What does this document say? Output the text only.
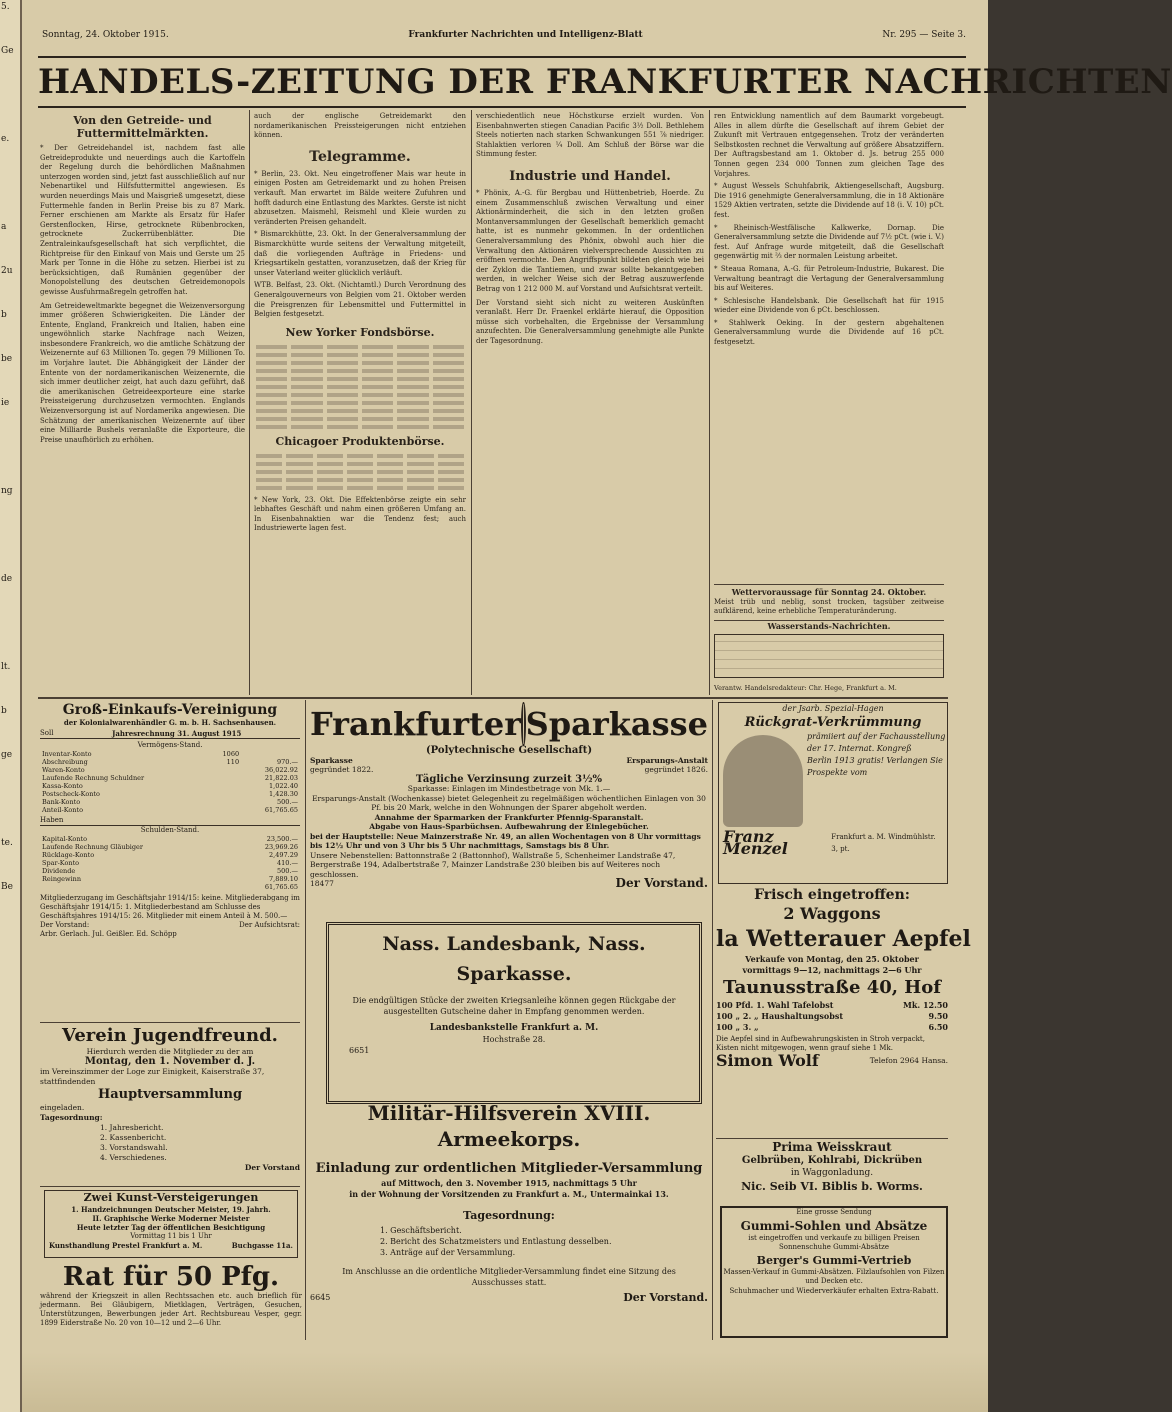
Sonntag, 24. Oktober 1915.	Frankfurter Nachrichten und Intelligenz-Blatt	Nr. 295 — Seite 3.
HANDELS-ZEITUNG DER FRANKFURTER NACHRICHTEN
Von den Getreide- und Futtermittelmärkten.

* Der Getreidehandel ist, nachdem fast alle Getreideprodukte und neuerdings auch die Kartoffeln der Regelung durch die behördlichen Maßnahmen unterzogen worden sind, jetzt fast ausschließlich auf nur Nebenartikel und Hilfsfuttermittel angewiesen. Es wurden neuerdings Mais und Maisgrieß umgesetzt, diese Futtermehle fanden in Berlin Preise bis zu 87 Mark. Ferner erschienen am Markte als Ersatz für Hafer Gerstenflocken, Hirse, getrocknete Rübenbrocken, getrocknete Zuckerrübenblätter. Die Zentraleinkaufsgesellschaft hat sich verpflichtet, die Richtpreise für den Einkauf von Mais und Gerste um 25 Mark per Tonne in die Höhe zu setzen. Hierbei ist zu berücksichtigen, daß Rumänien gegenüber der Monopolstellung des deutschen Getreidemonopols gewisse Ausfuhrmaßregeln getroffen hat.

Am Getreideweltmarkte begegnet die Weizenversorgung immer größeren Schwierigkeiten. Die Länder der Entente, England, Frankreich und Italien, haben eine ungewöhnlich starke Nachfrage nach Weizen, insbesondere Frankreich, wo die amtliche Schätzung der Weizenernte auf 63 Millionen To. gegen 79 Millionen To. im Vorjahre lautet. Die Abhängigkeit der Länder der Entente von der nordamerikanischen Weizenernte, die sich immer deutlicher zeigt, hat auch dazu geführt, daß die amerikanischen Getreideexporteure eine starke Preissteigerung durchzusetzen vermochten. Englands Weizenversorgung ist auf Nordamerika angewiesen. Die Schätzung der amerikanischen Weizenernte auf über eine Milliarde Bushels veranlaßte die Exporteure, die Preise unaufhörlich zu erhöhen.

auch der englische Getreidemarkt den nordamerikanischen Preissteigerungen nicht entziehen können.

Telegramme.

* Berlin, 23. Okt. Neu eingetroffener Mais war heute in einigen Posten am Getreidemarkt und zu hohen Preisen verkauft. Man erwartet im Bälde weitere Zufuhren und hofft dadurch eine Entlastung des Marktes. Gerste ist nicht abzusetzen. Maismehl, Reismehl und Kleie wurden zu veränderten Preisen gehandelt.

* Bismarckhütte, 23. Okt. In der Generalversammlung der Bismarckhütte wurde seitens der Verwaltung mitgeteilt, daß die vorliegenden Aufträge in Friedens- und Kriegsartikeln gestatten, voranzusetzen, daß der Krieg für unser Vaterland weiter glücklich verläuft.

WTB. Belfast, 23. Okt. (Nichtamtl.) Durch Verordnung des Generalgouverneurs von Belgien vom 21. Oktober werden die Preisgrenzen für Lebensmittel und Futtermittel in Belgien festgesetzt.

New Yorker Fondsbörse.

Chicagoer Produktenbörse.

* New York, 23. Okt. Die Effektenbörse zeigte ein sehr lebhaftes Geschäft und nahm einen größeren Umfang an. In Eisenbahnaktien war die Tendenz fest; auch Industriewerte lagen fest.

verschiedentlich neue Höchstkurse erzielt wurden. Von Eisenbahnwerten stiegen Canadian Pacific 3½ Doll. Bethlehem Steels notierten nach starken Schwankungen 551 ⅞ niedriger. Stahlaktien verloren ¼ Doll. Am Schluß der Börse war die Stimmung fester.

Industrie und Handel.

* Phönix, A.-G. für Bergbau und Hüttenbetrieb, Hoerde. Zu einem Zusammenschluß zwischen Verwaltung und einer Aktionärminderheit, die sich in den letzten großen Montanversammlungen der Gesellschaft bemerklich gemacht hatte, ist es nunmehr gekommen. In der ordentlichen Generalversammlung des Phönix, obwohl auch hier die Verwaltung den Aktionären vielversprechende Aussichten zu eröffnen vermochte. Den Angriffspunkt bildeten gleich wie bei der Zyklon die Tantiemen, und zwar sollte bekanntgegeben werden, in welcher Weise sich der Betrag auszuwerfende Betrag von 1 212 000 M. auf Vorstand und Aufsichtsrat verteilt.

Der Vorstand sieht sich nicht zu weiteren Auskünften veranlaßt. Herr Dr. Fraenkel erklärte hierauf, die Opposition müsse sich vorbehalten, die Ergebnisse der Versammlung anzufechten. Die Generalversammlung genehmigte alle Punkte der Tagesordnung.

ren Entwicklung namentlich auf dem Baumarkt vorgebeugt. Alles in allem dürfte die Gesellschaft auf ihrem Gebiet der Zukunft mit Vertrauen entgegensehen. Trotz der veränderten Selbstkosten rechnet die Verwaltung auf größere Absatzziffern. Der Auftragsbestand am 1. Oktober d. Js. betrug 255 000 Tonnen gegen 234 000 Tonnen zum gleichen Tage des Vorjahres.

* August Wessels Schuhfabrik, Aktiengesellschaft, Augsburg. Die 1916 genehmigte Generalversammlung, die in 18 Aktionäre 1529 Aktien vertraten, setzte die Dividende auf 18 (i. V. 10) pCt. fest.

* Rheinisch-Westfälische Kalkwerke, Dornap. Die Generalversammlung setzte die Dividende auf 7½ pCt. (wie i. V.) fest. Auf Anfrage wurde mitgeteilt, daß die Gesellschaft gegenwärtig mit ⅔ der normalen Leistung arbeitet.

* Steaua Romana, A.-G. für Petroleum-Industrie, Bukarest. Die Verwaltung beantragt die Vertagung der Generalversammlung bis auf Weiteres.

* Schlesische Handelsbank. Die Gesellschaft hat für 1915 wieder eine Dividende von 6 pCt. beschlossen.

* Stahlwerk Oeking. In der gestern abgehaltenen Generalversammlung wurde die Dividende auf 16 pCt. festgesetzt.

Wettervoraussage für Sonntag 24. Oktober.

Meist trüb und neblig, sonst trocken, tagsüber zeitweise aufklärend, keine erhebliche Temperaturänderung.

Wasserstands-Nachrichten.
Verantw. Handelsredakteur: Chr. Hege, Frankfurt a. M.
Groß-Einkaufs-Vereinigung
der Kolonialwarenhändler G. m. b. H. Sachsenhausen.
Soll	Jahresrechnung 31. August 1915
Vermögens-Stand.
Inventar-Konto	1060	
Abschreibung	110	970.—
Waren-Konto		36,022.92
Laufende Rechnung Schuldner		21,822.03
Kassa-Konto		1,022.40
Postscheck-Konto		1,428.30
Bank-Konto		500.—
Anteil-Konto		61,765.65
Haben
Schulden-Stand.
Kapital-Konto	23,500.—
Laufende Rechnung Gläubiger	23,969.26
Rücklage-Konto	2,497.29
Spar-Konto	410.—
Dividende	500.—
Reingewinn	7,889.10
	61,765.65

Mitgliederzugang im Geschäftsjahr 1914/15: keine. Mitgliederabgang im Geschäftsjahr 1914/15: 1. Mitgliederbestand am Schlusse des Geschäftsjahres 1914/15: 26. Mitglieder mit einem Anteil à M. 500.—

Der Vorstand:	Der Aufsichtsrat:
Arbr. Gerlach. Jul. Geißler. Ed. Schöpp
Verein Jugendfreund.
Hierdurch werden die Mitglieder zu der am
Montag, den 1. November d. J.
im Vereinszimmer der Loge zur Einigkeit, Kaiserstraße 37, stattfindenden
Hauptversammlung
eingeladen.
Tagesordnung:
1. Jahresbericht.
2. Kassenbericht.
3. Vorstandswahl.
4. Verschiedenes.
Der Vorstand
Zwei Kunst-Versteigerungen
1. Handzeichnungen Deutscher Meister, 19. Jahrh.
II. Graphische Werke Moderner Meister
Heute letzter Tag der öffentlichen Besichtigung
Vormittag 11 bis 1 Uhr
Kunsthandlung Prestel Frankfurt a. M.	Buchgasse 11a.
Rat für 50 Pfg.

während der Kriegszeit in allen Rechtssachen etc. auch brieflich für jedermann. Bei Gläubigern, Mietklagen, Verträgen, Gesuchen, Unterstützungen, Bewerbungen jeder Art. Rechtsbureau Vesper, gegr. 1899 Eiderstraße No. 20 von 10—12 und 2—6 Uhr.

Frankfurter Sparkasse
(Polytechnische Gesellschaft)
Sparkasse
gegründet 1822.
Ersparungs-Anstalt
gegründet 1826.
Tägliche Verzinsung zurzeit 3½%
Sparkasse: Einlagen im Mindestbetrage von Mk. 1.—
Ersparungs-Anstalt (Wochenkasse) bietet Gelegenheit zu regelmäßigen wöchentlichen Einlagen von 30 Pf. bis 20 Mark, welche in den Wohnungen der Sparer abgeholt werden.
Annahme der Sparmarken der Frankfurter Pfennig-Sparanstalt.
Abgabe von Haus-Sparbüchsen. Aufbewahrung der Einlegebücher.
bei der Hauptstelle: Neue Mainzerstraße Nr. 49, an allen Wochentagen von 8 Uhr vormittags bis 12½ Uhr und von 3 Uhr bis 5 Uhr nachmittags, Samstags bis 8 Uhr.
Unsere Nebenstellen: Battonnstraße 2 (Battonnhof), Wallstraße 5, Schenheimer Landstraße 47, Bergerstraße 194, Adalbertstraße 7, Mainzer Landstraße 230 bleiben bis auf Weiteres noch geschlossen.
18477	Der Vorstand.
Nass. Landesbank, Nass. Sparkasse.

Die endgültigen Stücke der zweiten Kriegsanleihe können gegen Rückgabe der ausgestellten Gutscheine daher in Empfang genommen werden.

Landesbankstelle Frankfurt a. M.
Hochstraße 28.
6651
Militär-Hilfsverein XVIII. Armeekorps.
Einladung zur ordentlichen Mitglieder-Versammlung
auf Mittwoch, den 3. November 1915, nachmittags 5 Uhr
in der Wohnung der Vorsitzenden zu Frankfurt a. M., Untermainkai 13.
Tagesordnung:
1. Geschäftsbericht.
2. Bericht des Schatzmeisters und Entlastung desselben.
3. Anträge auf der Versammlung.

Im Anschlusse an die ordentliche Mitglieder-Versammlung findet eine Sitzung des Ausschusses statt.

6645	Der Vorstand.
der Jsarb. Spezial-Hagen
Rückgrat-Verkrümmung
prämiiert auf der Fachausstellung der 17. Internat. Kongreß
Berlin 1913 gratis! Verlangen Sie Prospekte vom
Franz Menzel
Frankfurt a. M. Windmühlstr. 3, pt.
Frisch eingetroffen:
2 Waggons
la Wetterauer Aepfel
Verkaufe von Montag, den 25. Oktober
vormittags 9—12, nachmittags 2—6 Uhr
Taunusstraße 40, Hof
100 Pfd. 1. Wahl Tafelobst	Mk. 12.50
100 „ 2. „ Haushaltungsobst	9.50
100 „ 3. „	6.50

Die Aepfel sind in Aufbewahrungskisten in Stroh verpackt, Kisten nicht mitgewogen, wenn grauf siehe 1 Mk.

Simon Wolf	Telefon 2964 Hansa.
Prima Weisskraut
Gelbrüben, Kohlrabi, Dickrüben
in Waggonladung.
Nic. Seib VI. Biblis b. Worms.
Eine grosse Sendung
Gummi-Sohlen und Absätze
ist eingetroffen und verkaufe zu billigen Preisen Sonnenschuhe Gummi-Absätze
Berger's Gummi-Vertrieb
Massen-Verkauf in Gummi-Absätzen. Filzlaufsohlen von Filzen und Decken etc.
Schuhmacher und Wiederverkäufer erhalten Extra-Rabatt.
5.
Ge

e.

a
2u
b
be
ie

ng

de

lt.
b
ge

te.
Be
